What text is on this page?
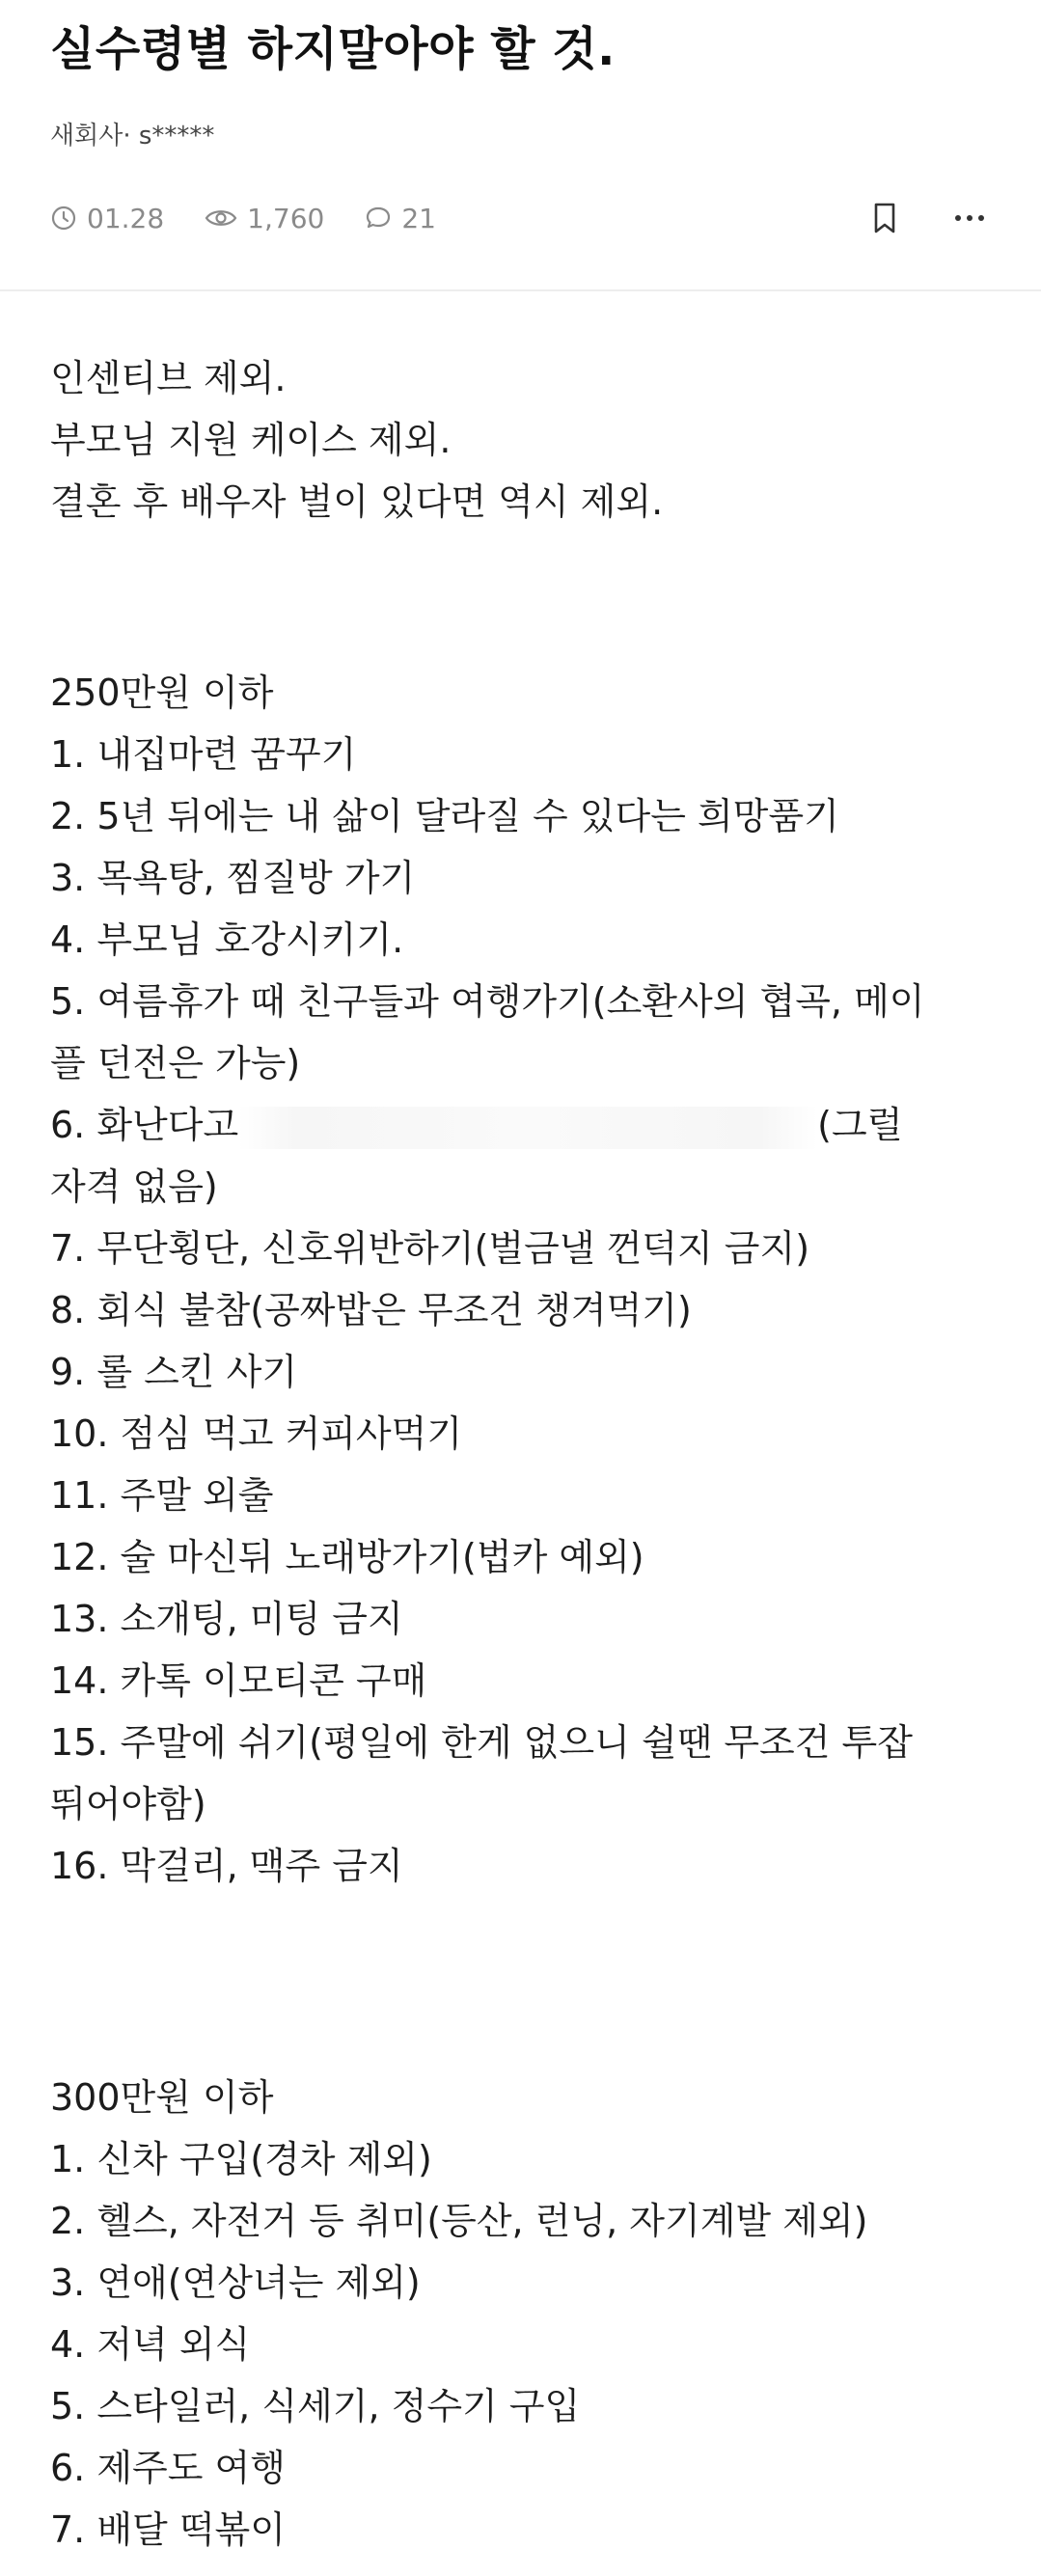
실수령별 하지말아야 할 것.
새회사· s*****
01.28	1,760	21
인센티브 제외.
부모님 지원 케이스 제외.
결혼 후 배우자 벌이 있다면 역시 제외.
250만원 이하
1. 내집마련 꿈꾸기
2. 5년 뒤에는 내 삶이 달라질 수 있다는 희망품기
3. 목욕탕, 찜질방 가기
4. 부모님 호강시키기.
5. 여름휴가 때 친구들과 여행가기(소환사의 협곡, 메이
플 던전은 가능)
6. 화난다고	(그럴
자격 없음)
7. 무단횡단, 신호위반하기(벌금낼 껀덕지 금지)
8. 회식 불참(공짜밥은 무조건 챙겨먹기)
9. 롤 스킨 사기
10. 점심 먹고 커피사먹기
11. 주말 외출
12. 술 마신뒤 노래방가기(법카 예외)
13. 소개팅, 미팅 금지
14. 카톡 이모티콘 구매
15. 주말에 쉬기(평일에 한게 없으니 쉴땐 무조건 투잡
뛰어야함)
16. 막걸리, 맥주 금지
300만원 이하
1. 신차 구입(경차 제외)
2. 헬스, 자전거 등 취미(등산, 런닝, 자기계발 제외)
3. 연애(연상녀는 제외)
4. 저녁 외식
5. 스타일러, 식세기, 정수기 구입
6. 제주도 여행
7. 배달 떡볶이
